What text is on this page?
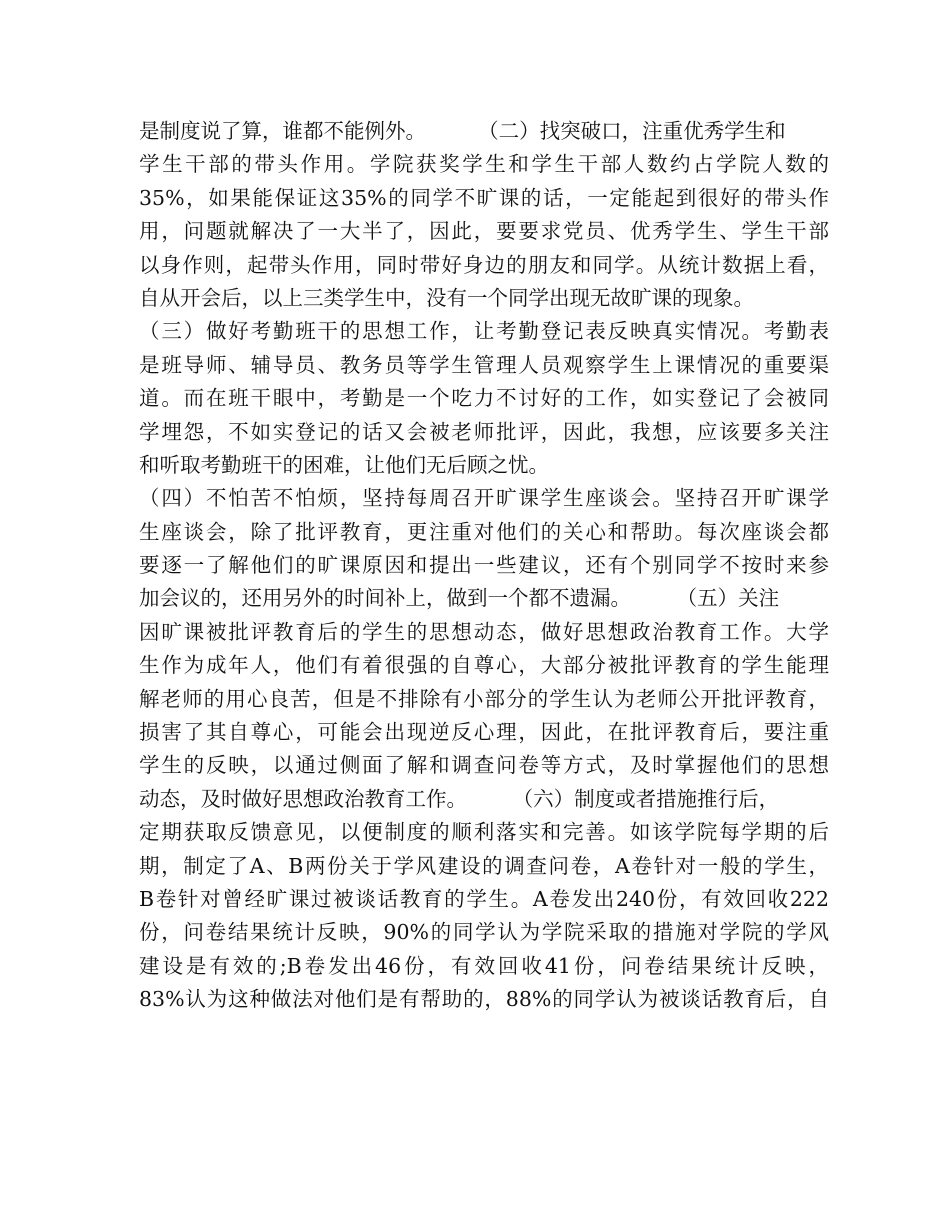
是制度说了算，谁都不能例外。        （二）找突破口，注重优秀学生和
学生干部的带头作用。学院获奖学生和学生干部人数约占学院人数的
35%，如果能保证这35%的同学不旷课的话，一定能起到很好的带头作
用，问题就解决了一大半了，因此，要要求党员、优秀学生、学生干部
以身作则，起带头作用，同时带好身边的朋友和同学。从统计数据上看，
自从开会后，以上三类学生中，没有一个同学出现无故旷课的现象。
（三）做好考勤班干的思想工作，让考勤登记表反映真实情况。考勤表
是班导师、辅导员、教务员等学生管理人员观察学生上课情况的重要渠
道。而在班干眼中，考勤是一个吃力不讨好的工作，如实登记了会被同
学埋怨，不如实登记的话又会被老师批评，因此，我想，应该要多关注
和听取考勤班干的困难，让他们无后顾之忧。
（四）不怕苦不怕烦，坚持每周召开旷课学生座谈会。坚持召开旷课学
生座谈会，除了批评教育，更注重对他们的关心和帮助。每次座谈会都
要逐一了解他们的旷课原因和提出一些建议，还有个别同学不按时来参
加会议的，还用另外的时间补上，做到一个都不遗漏。       （五）关注
因旷课被批评教育后的学生的思想动态，做好思想政治教育工作。大学
生作为成年人，他们有着很强的自尊心，大部分被批评教育的学生能理
解老师的用心良苦，但是不排除有小部分的学生认为老师公开批评教育，
损害了其自尊心，可能会出现逆反心理，因此，在批评教育后，要注重
学生的反映，以通过侧面了解和调查问卷等方式，及时掌握他们的思想
动态，及时做好思想政治教育工作。       （六）制度或者措施推行后，
定期获取反馈意见，以便制度的顺利落实和完善。如该学院每学期的后
期，制定了A、B两份关于学风建设的调查问卷，A卷针对一般的学生，
B卷针对曾经旷课过被谈话教育的学生。A卷发出240份，有效回收222
份，问卷结果统计反映，90%的同学认为学院采取的措施对学院的学风
建设是有效的;B卷发出46份，有效回收41份，问卷结果统计反映，
83%认为这种做法对他们是有帮助的，88%的同学认为被谈话教育后，自
